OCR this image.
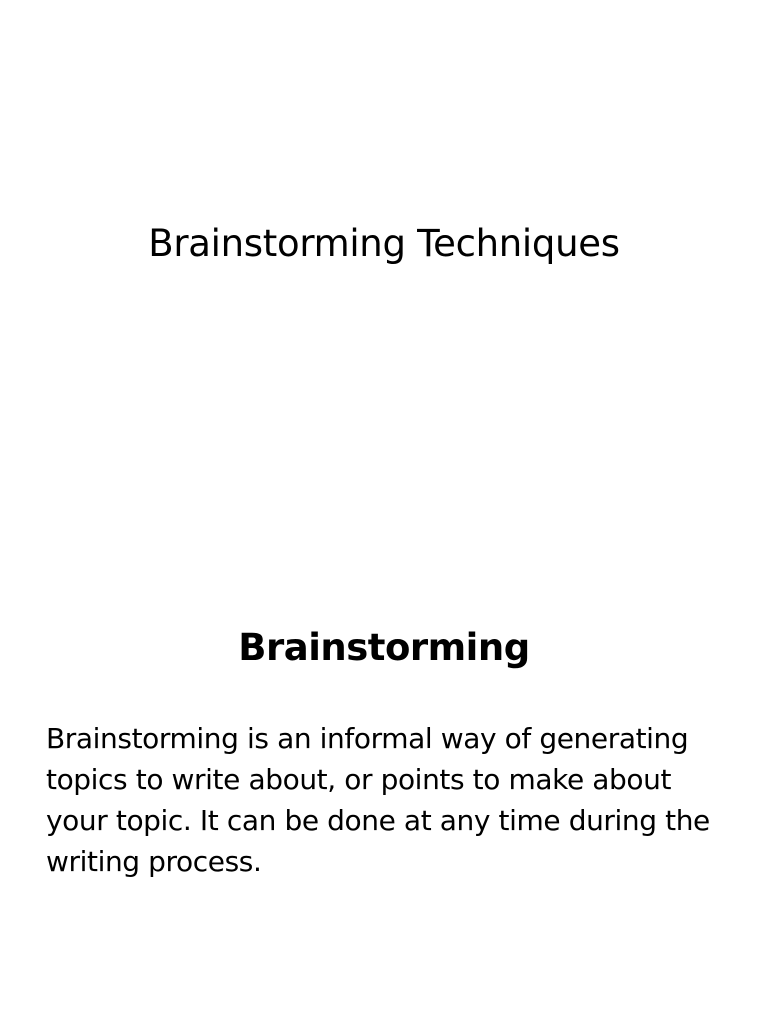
Brainstorming Techniques
Brainstorming

Brainstorming is an informal way of generating topics to write about, or points to make about your topic. It can be done at any time during the writing process.
